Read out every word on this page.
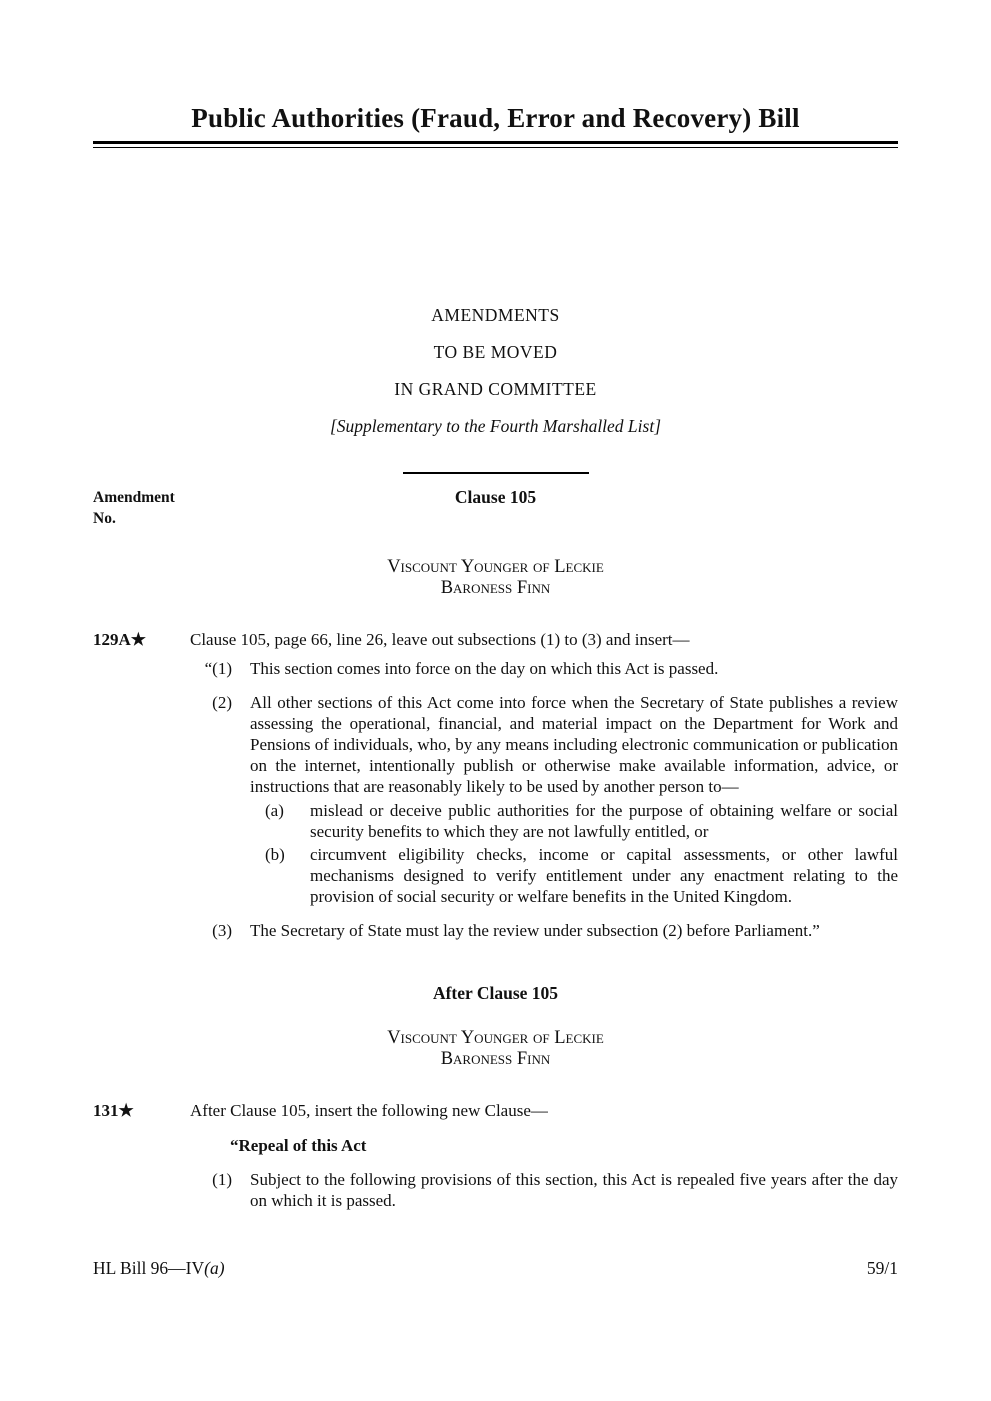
Public Authorities (Fraud, Error and Recovery) Bill

AMENDMENTS

TO BE MOVED

IN GRAND COMMITTEE

[Supplementary to the Fourth Marshalled List]

Amendment
No.
Clause 105

Viscount Younger of Leckie

Baroness Finn

129A★	Clause 105, page 66, line 26, leave out subsections (1) to (3) and insert—

“(1) This section comes into force on the day on which this Act is passed.

(2) All other sections of this Act come into force when the Secretary of State publishes a review assessing the operational, financial, and material impact on the Department for Work and Pensions of individuals, who, by any means including electronic communication or publication on the internet, intentionally publish or otherwise make available information, advice, or instructions that are reasonably likely to be used by another person to—

(a)	mislead or deceive public authorities for the purpose of obtaining welfare or social security benefits to which they are not lawfully entitled, or
(b)	circumvent eligibility checks, income or capital assessments, or other lawful mechanisms designed to verify entitlement under any enactment relating to the provision of social security or welfare benefits in the United Kingdom.
(3) The Secretary of State must lay the review under subsection (2) before Parliament.”

After Clause 105

Viscount Younger of Leckie

Baroness Finn

131★	After Clause 105, insert the following new Clause—

“Repeal of this Act

(1) Subject to the following provisions of this section, this Act is repealed five years after the day on which it is passed.

HL Bill 96—IV(a)	59/1
